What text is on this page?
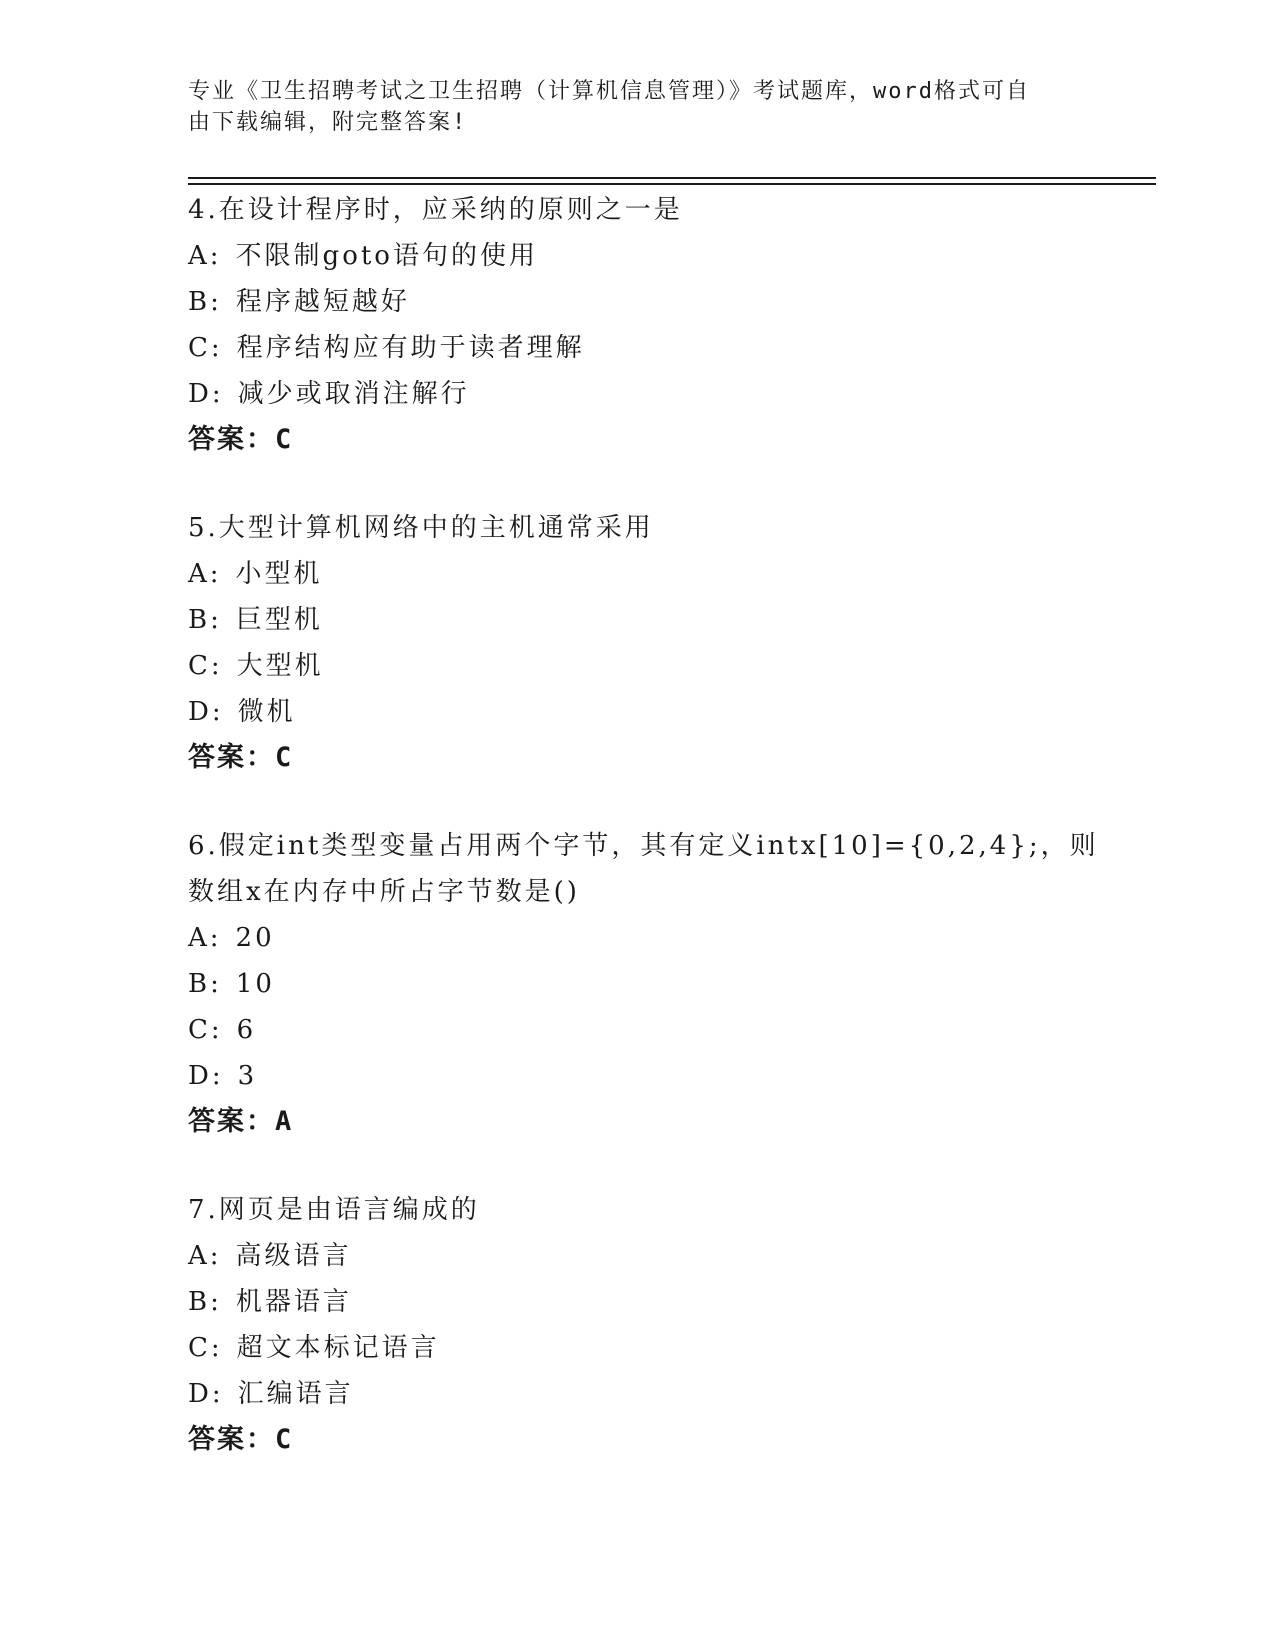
专业《卫生招聘考试之卫生招聘（计算机信息管理）》考试题库，word格式可自
由下载编辑，附完整答案!
4.在设计程序时，应采纳的原则之一是
A: 不限制goto语句的使用
B: 程序越短越好
C: 程序结构应有助于读者理解
D: 减少或取消注解行
答案：C
5.大型计算机网络中的主机通常采用
A: 小型机
B: 巨型机
C: 大型机
D: 微机
答案：C
6.假定int类型变量占用两个字节，其有定义intx[10]={0,2,4};，则
数组x在内存中所占字节数是()
A: 20
B: 10
C: 6
D: 3
答案：A
7.网页是由语言编成的
A: 高级语言
B: 机器语言
C: 超文本标记语言
D: 汇编语言
答案：C
